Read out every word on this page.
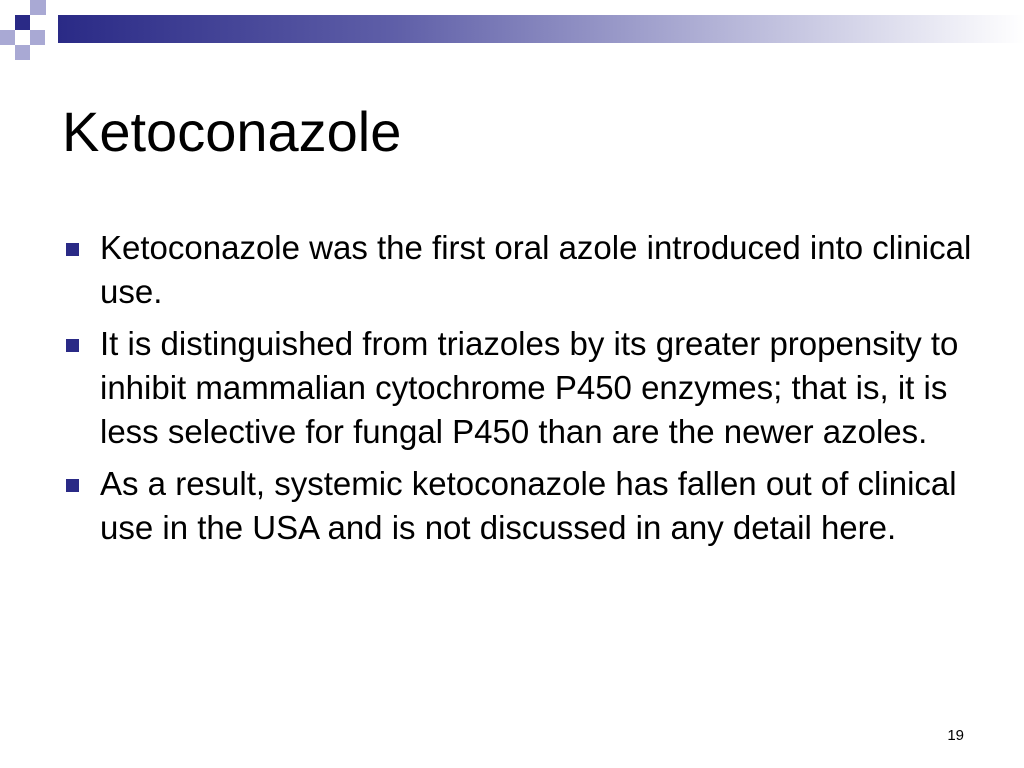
Ketoconazole
Ketoconazole was the first oral azole introduced into clinical use.
It is distinguished from triazoles by its greater propensity to inhibit mammalian cytochrome P450 enzymes; that is, it is less selective for fungal P450 than are the newer azoles.
As a result, systemic ketoconazole has fallen out of clinical use in the USA and is not discussed in any detail here.
19
